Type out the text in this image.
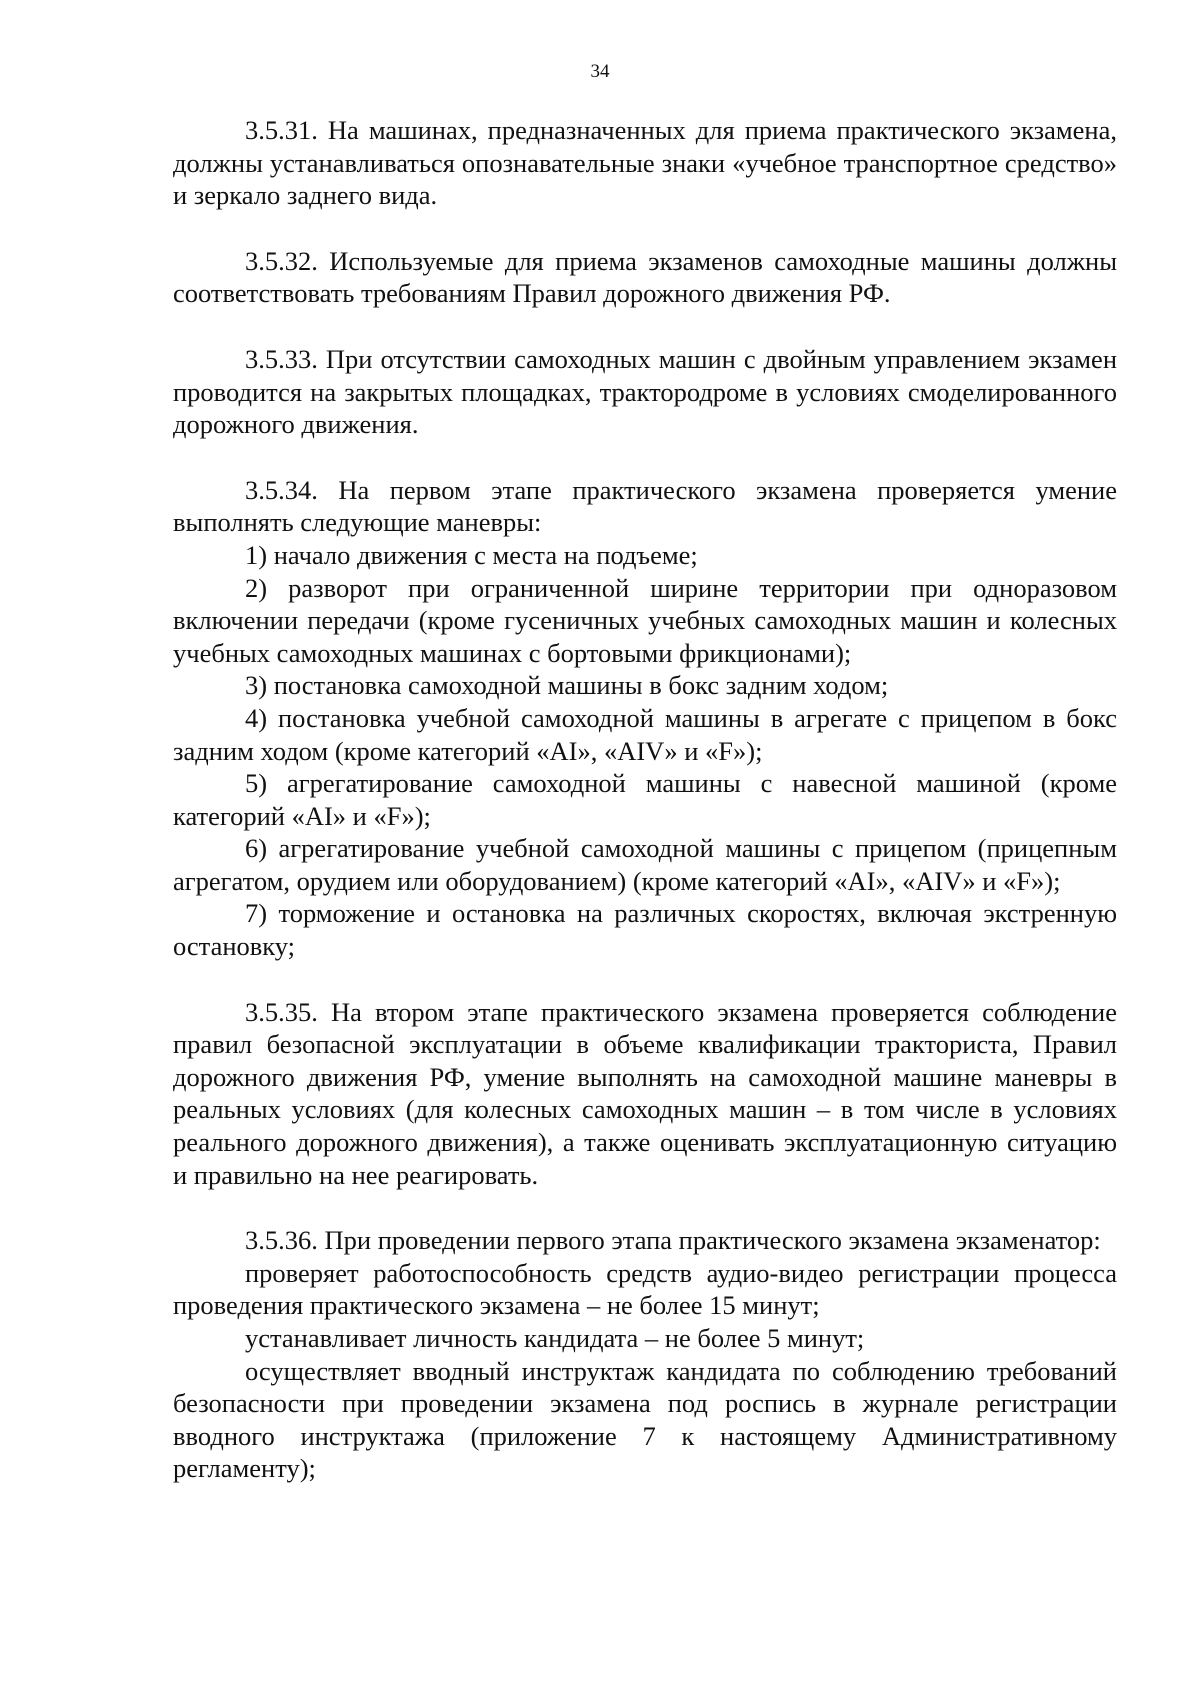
34

3.5.31. На машинах, предназначенных для приема практического экзамена, должны устанавливаться опознавательные знаки «учебное транспортное средство» и зеркало заднего вида.

3.5.32. Используемые для приема экзаменов самоходные машины должны соответствовать требованиям Правил дорожного движения РФ.

3.5.33. При отсутствии самоходных машин с двойным управлением экзамен проводится на закрытых площадках, трактородроме в условиях смоделированного дорожного движения.

3.5.34. На первом этапе практического экзамена проверяется умение выполнять следующие маневры:

1) начало движения с места на подъеме;

2) разворот при ограниченной ширине территории при одноразовом включении передачи (кроме гусеничных учебных самоходных машин и колесных учебных самоходных машинах с бортовыми фрикционами);

3) постановка самоходной машины в бокс задним ходом;

4) постановка учебной самоходной машины в агрегате с прицепом в бокс задним ходом (кроме категорий «AI», «AIV» и «F»);

5) агрегатирование самоходной машины с навесной машиной (кроме категорий «AI» и «F»);

6) агрегатирование учебной самоходной машины с прицепом (прицепным агрегатом, орудием или оборудованием) (кроме категорий «AI», «AIV» и «F»);

7) торможение и остановка на различных скоростях, включая экстренную остановку;

3.5.35. На втором этапе практического экзамена проверяется соблюдение правил безопасной эксплуатации в объеме квалификации тракториста, Правил дорожного движения РФ, умение выполнять на самоходной машине маневры в реальных условиях (для колесных самоходных машин – в том числе в условиях реального дорожного движения), а также оценивать эксплуатационную ситуацию и правильно на нее реагировать.

3.5.36. При проведении первого этапа практического экзамена экзаменатор:

проверяет работоспособность средств аудио-видео регистрации процесса проведения практического экзамена – не более 15 минут;

устанавливает личность кандидата – не более 5 минут;

осуществляет вводный инструктаж кандидата по соблюдению требований безопасности при проведении экзамена под роспись в журнале регистрации вводного инструктажа (приложение 7 к настоящему Административному регламенту);
